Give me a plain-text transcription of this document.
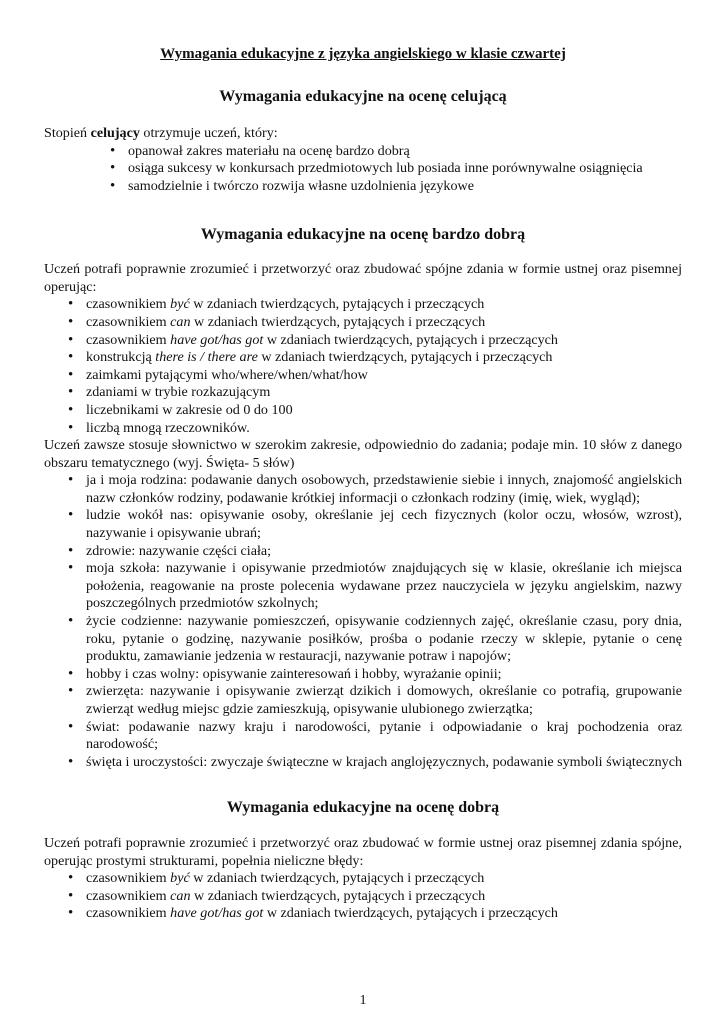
Wymagania edukacyjne z języka angielskiego w klasie czwartej

Wymagania edukacyjne na ocenę celującą

Stopień celujący otrzymuje uczeń, który:

• opanował zakres materiału na ocenę bardzo dobrą
• osiąga sukcesy w konkursach przedmiotowych lub posiada inne porównywalne osiągnięcia
• samodzielnie i twórczo rozwija własne uzdolnienia językowe

Wymagania edukacyjne na ocenę bardzo dobrą

Uczeń potrafi poprawnie zrozumieć i przetworzyć oraz zbudować spójne zdania w formie ustnej oraz pisemnej operując:

• czasownikiem być w zdaniach twierdzących, pytających i przeczących
• czasownikiem can w zdaniach twierdzących, pytających i przeczących
• czasownikiem have got/has got w zdaniach twierdzących, pytających i przeczących
• konstrukcją there is / there are w zdaniach twierdzących, pytających i przeczących
• zaimkami pytającymi who/where/when/what/how
• zdaniami w trybie rozkazującym
• liczebnikami w zakresie od 0 do 100
• liczbą mnogą rzeczowników.

Uczeń zawsze stosuje słownictwo w szerokim zakresie, odpowiednio do zadania; podaje min. 10 słów z danego obszaru tematycznego (wyj. Święta- 5 słów)

• ja i moja rodzina: podawanie danych osobowych, przedstawienie siebie i innych, znajomość angielskich nazw członków rodziny, podawanie krótkiej informacji o członkach rodziny (imię, wiek, wygląd);
• ludzie wokół nas: opisywanie osoby, określanie jej cech fizycznych (kolor oczu, włosów, wzrost), nazywanie i opisywanie ubrań;
• zdrowie: nazywanie części ciała;
• moja szkoła: nazywanie i opisywanie przedmiotów znajdujących się w klasie, określanie ich miejsca położenia, reagowanie na proste polecenia wydawane przez nauczyciela w języku angielskim, nazwy poszczególnych przedmiotów szkolnych;
• życie codzienne: nazywanie pomieszczeń, opisywanie codziennych zajęć, określanie czasu, pory dnia, roku, pytanie o godzinę, nazywanie posiłków, prośba o podanie rzeczy w sklepie, pytanie o cenę produktu, zamawianie jedzenia w restauracji, nazywanie potraw i napojów;
• hobby i czas wolny: opisywanie zainteresowań i hobby, wyrażanie opinii;
• zwierzęta: nazywanie i opisywanie zwierząt dzikich i domowych, określanie co potrafią, grupowanie zwierząt według miejsc gdzie zamieszkują, opisywanie ulubionego zwierzątka;
• świat: podawanie nazwy kraju i narodowości, pytanie i odpowiadanie o kraj pochodzenia oraz narodowość;
• święta i uroczystości: zwyczaje świąteczne w krajach anglojęzycznych, podawanie symboli świątecznych

Wymagania edukacyjne na ocenę dobrą

Uczeń potrafi poprawnie zrozumieć i przetworzyć oraz zbudować w formie ustnej oraz pisemnej zdania spójne, operując prostymi strukturami, popełnia nieliczne błędy:

• czasownikiem być w zdaniach twierdzących, pytających i przeczących
• czasownikiem can w zdaniach twierdzących, pytających i przeczących
• czasownikiem have got/has got w zdaniach twierdzących, pytających i przeczących
1
